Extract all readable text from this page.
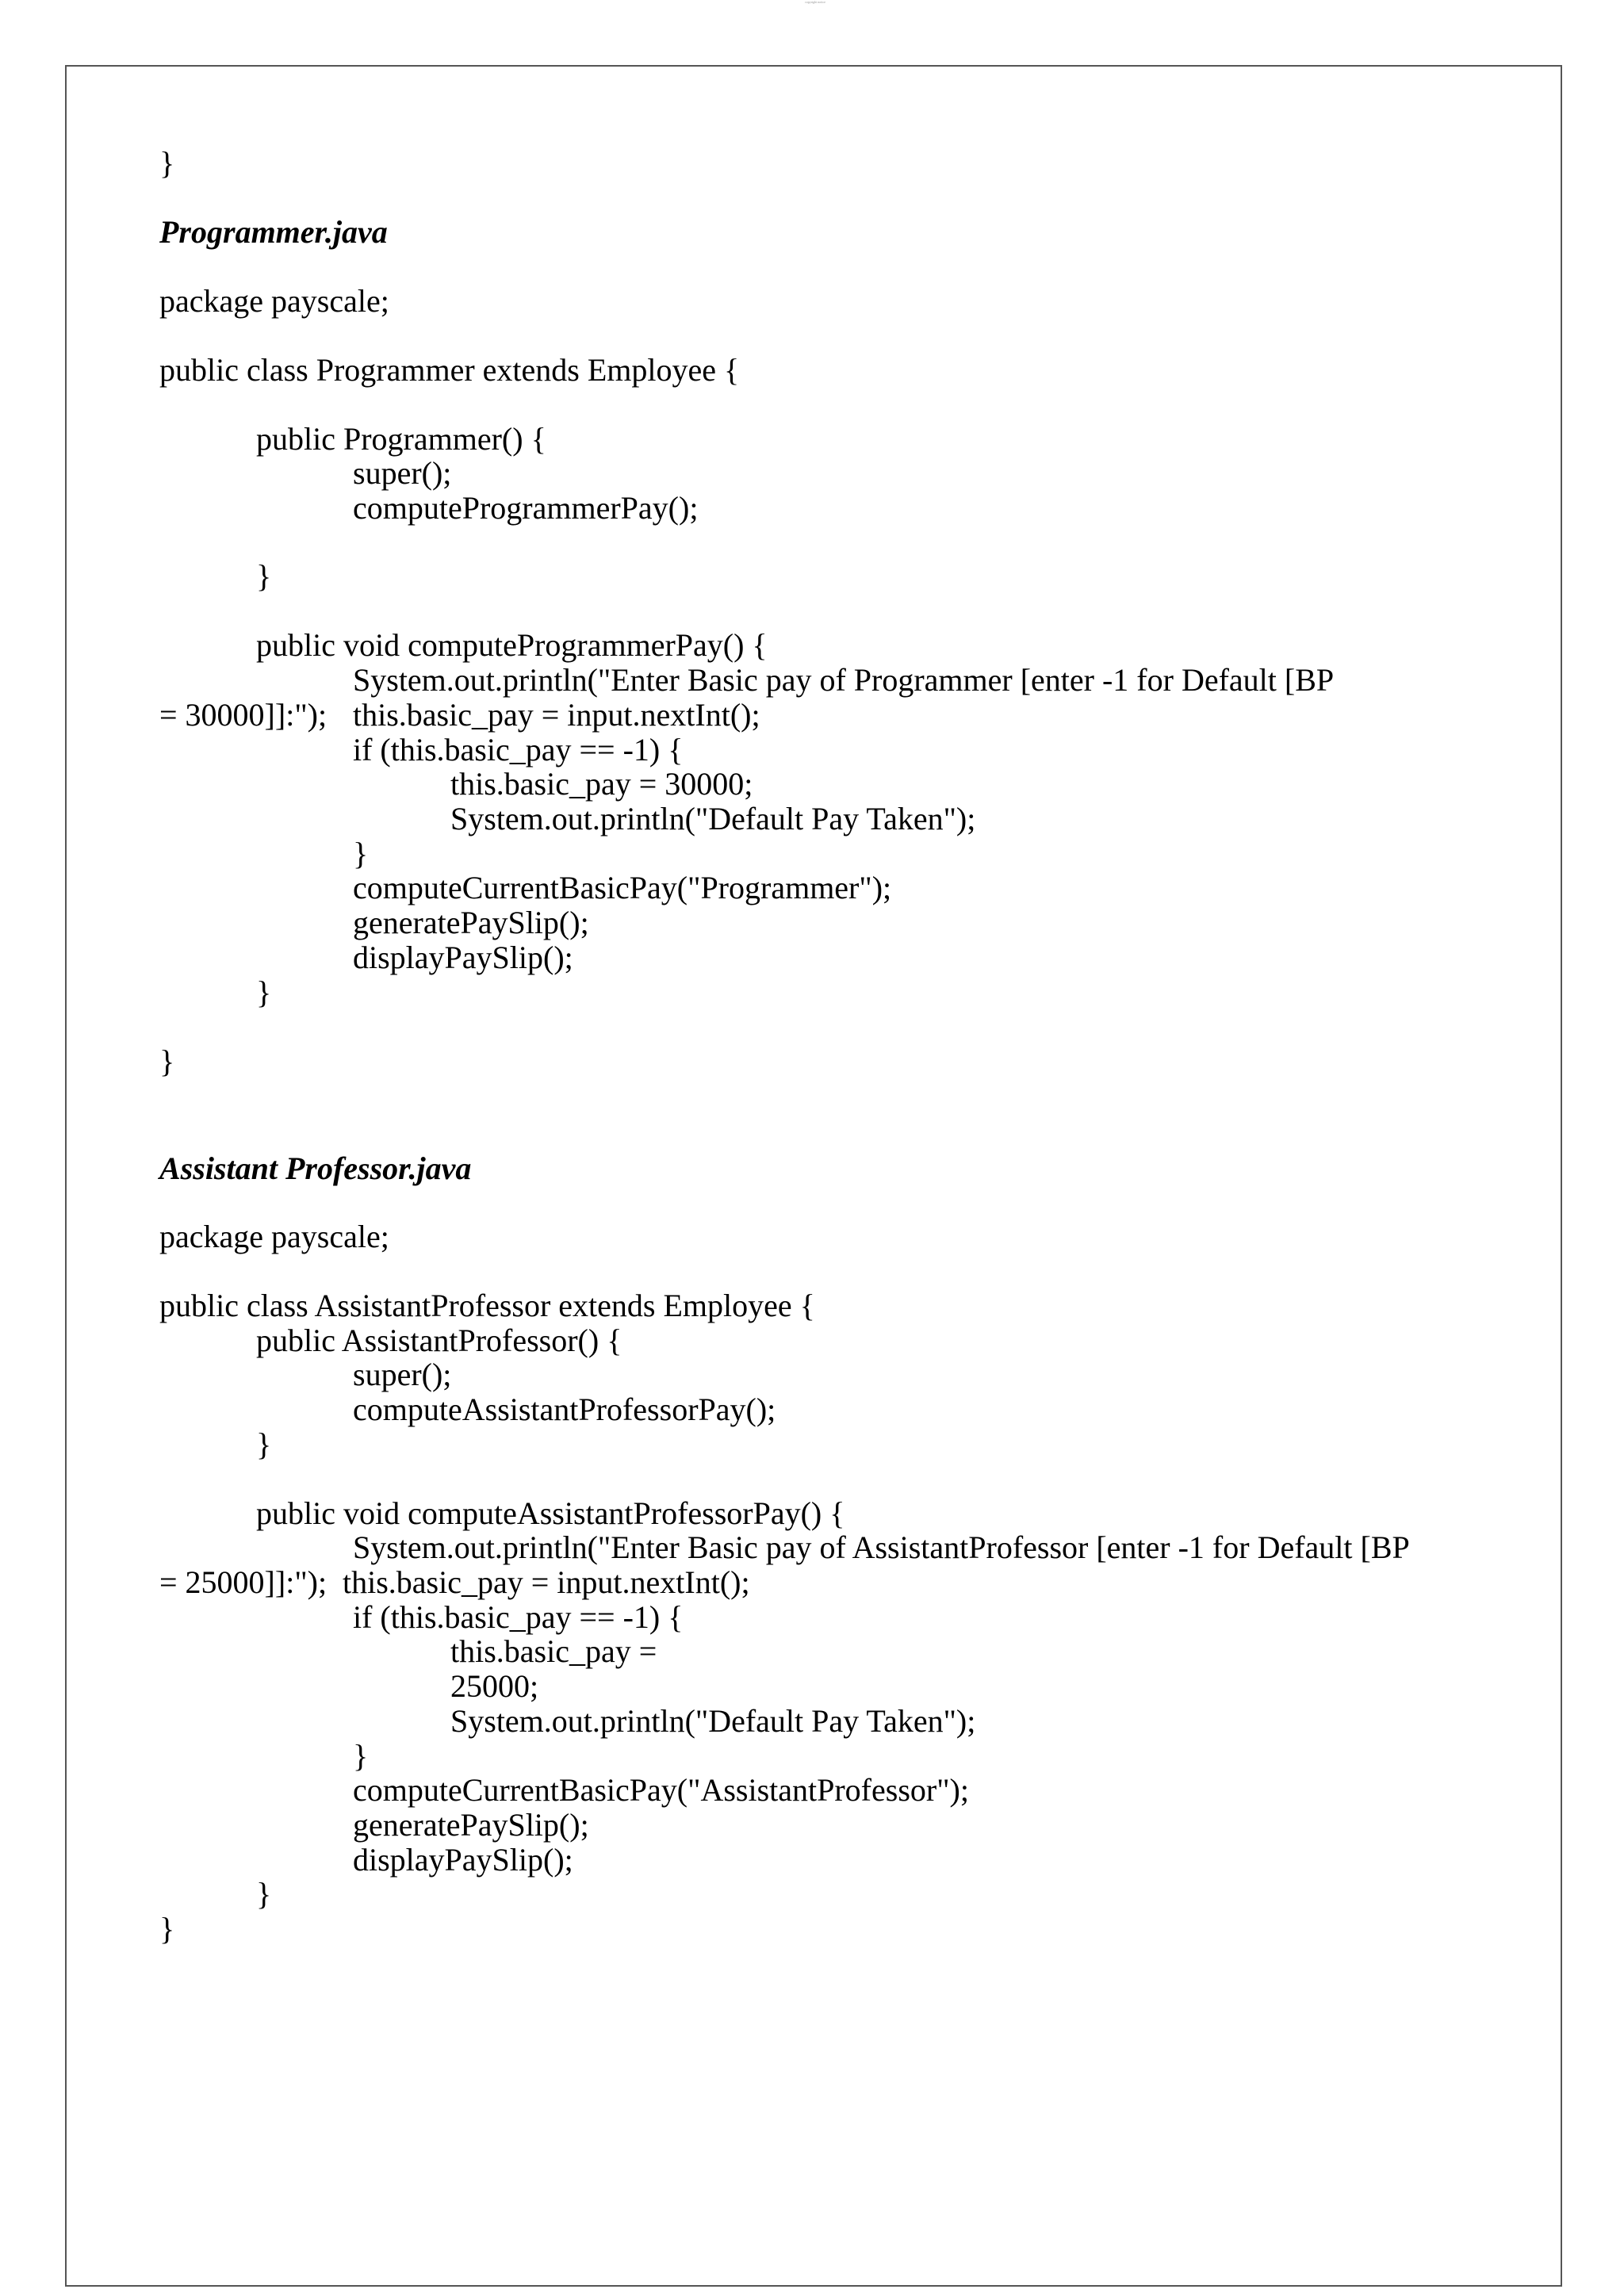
copyright notice
}
Programmer.java
package payscale;
public class Programmer extends Employee {
public Programmer() {
super();
computeProgrammerPay();
}
public void computeProgrammerPay() {
System.out.println("Enter Basic pay of Programmer [enter -1 for Default [BP
= 30000]]:"); this.basic_pay = input.nextInt();
if (this.basic_pay == -1) {
this.basic_pay = 30000;
System.out.println("Default Pay Taken");
}
computeCurrentBasicPay("Programmer");
generatePaySlip();
displayPaySlip();
}
}
Assistant Professor.java
package payscale;
public class AssistantProfessor extends Employee {
public AssistantProfessor() {
super();
computeAssistantProfessorPay();
}
public void computeAssistantProfessorPay() {
System.out.println("Enter Basic pay of AssistantProfessor [enter -1 for Default [BP
= 25000]]:"); this.basic_pay = input.nextInt();
if (this.basic_pay == -1) {
this.basic_pay =
25000;
System.out.println("Default Pay Taken");
}
computeCurrentBasicPay("AssistantProfessor");
generatePaySlip();
displayPaySlip();
}
}
